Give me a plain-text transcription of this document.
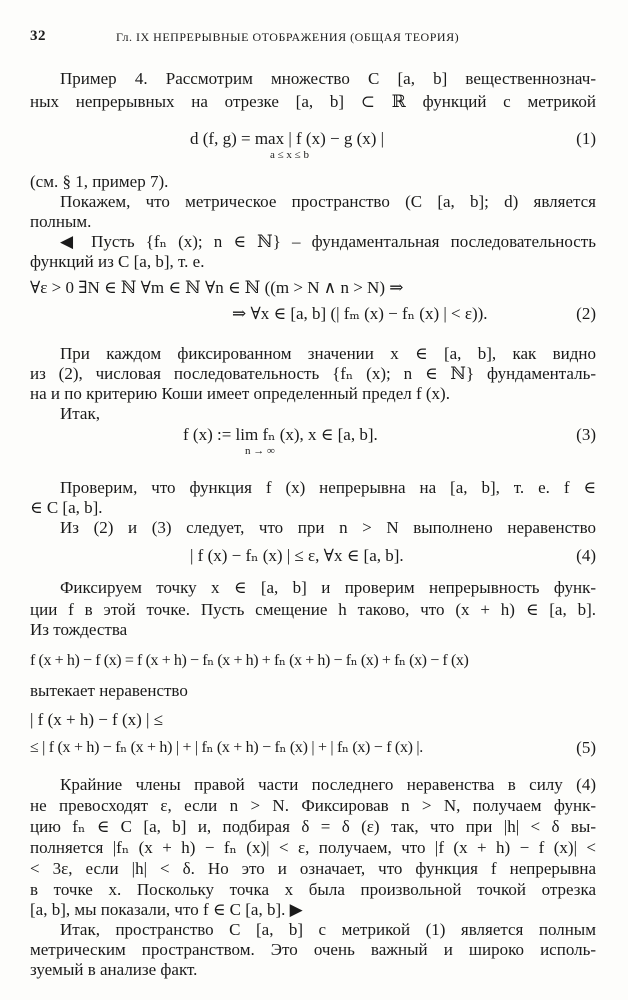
32	Гл. IX НЕПРЕРЫВНЫЕ ОТОБРАЖЕНИЯ (ОБЩАЯ ТЕОРИЯ)
Пример 4. Рассмотрим множество C [a, b] вещественнознач-
ных непрерывных на отрезке [a, b] ⊂ ℝ функций с метрикой
d (f, g) = max | f (x) − g (x) |
a ≤ x ≤ b
(1)
(см. § 1, пример 7).
Покажем, что метрическое пространство (C [a, b]; d) является
полным.
◀ Пусть {fₙ (x); n ∈ ℕ} – фундаментальная последовательность
функций из C [a, b], т. е.
∀ε > 0 ∃N ∈ ℕ ∀m ∈ ℕ ∀n ∈ ℕ ((m > N ∧ n > N) ⇒
⇒ ∀x ∈ [a, b] (| fₘ (x) − fₙ (x) | < ε)).	(2)
При каждом фиксированном значении x ∈ [a, b], как видно
из (2), числовая последовательность {fₙ (x); n ∈ ℕ} фундаменталь-
на и по критерию Коши имеет определенный предел f (x).
Итак,
f (x) := lim fₙ (x), x ∈ [a, b].
n → ∞
(3)
Проверим, что функция f (x) непрерывна на [a, b], т. е. f ∈
∈ C [a, b].
Из (2) и (3) следует, что при n > N выполнено неравенство
| f (x) − fₙ (x) | ≤ ε, ∀x ∈ [a, b].	(4)
Фиксируем точку x ∈ [a, b] и проверим непрерывность функ-
ции f в этой точке. Пусть смещение h таково, что (x + h) ∈ [a, b].
Из тождества
f (x + h) − f (x) = f (x + h) − fₙ (x + h) + fₙ (x + h) − fₙ (x) + fₙ (x) − f (x)
вытекает неравенство
| f (x + h) − f (x) | ≤
≤ | f (x + h) − fₙ (x + h) | + | fₙ (x + h) − fₙ (x) | + | fₙ (x) − f (x) |.	(5)
Крайние члены правой части последнего неравенства в силу (4)
не превосходят ε, если n > N. Фиксировав n > N, получаем функ-
цию fₙ ∈ C [a, b] и, подбирая δ = δ (ε) так, что при |h| < δ вы-
полняется |fₙ (x + h) − fₙ (x)| < ε, получаем, что |f (x + h) − f (x)| <
< 3ε, если |h| < δ. Но это и означает, что функция f непрерывна
в точке x. Поскольку точка x была произвольной точкой отрезка
[a, b], мы показали, что f ∈ C [a, b]. ▶
Итак, пространство C [a, b] с метрикой (1) является полным
метрическим пространством. Это очень важный и широко исполь-
зуемый в анализе факт.
